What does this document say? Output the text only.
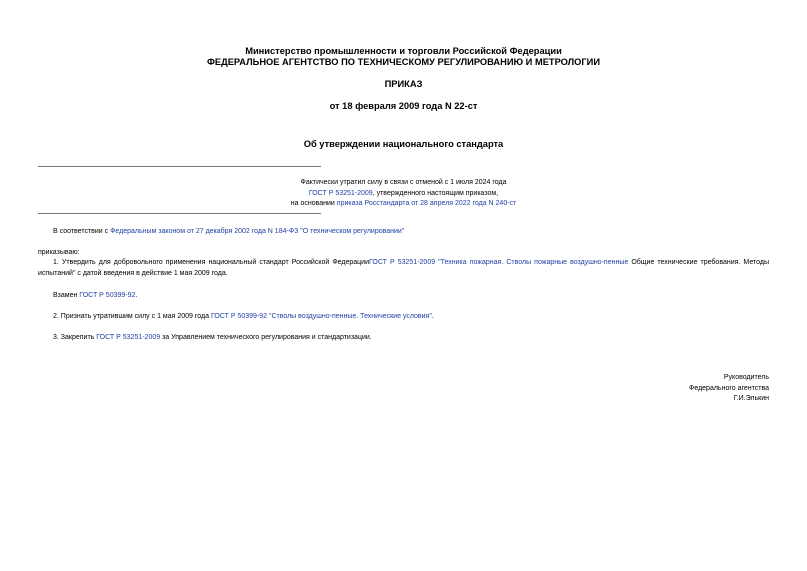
Министерство промышленности и торговли Российской Федерации
ФЕДЕРАЛЬНОЕ АГЕНТСТВО ПО ТЕХНИЧЕСКОМУ РЕГУЛИРОВАНИЮ И МЕТРОЛОГИИ
ПРИКАЗ
от 18 февраля 2009 года N 22-ст
Об утверждении национального стандарта
Фактически утратил силу в связи с отменой с 1 июля 2024 года
ГОСТ Р 53251-2009, утвержденного настоящим приказом,
на основании приказа Росстандарта от 28 апреля 2022 года N 240-ст
В соответствии с Федеральным законом от 27 декабря 2002 года N 184-ФЗ "О техническом регулировании"
приказываю:
1. Утвердить для добровольного применения национальный стандарт Российской ФедерацииГОСТ Р 53251-2009 "Техника пожарная. Стволы пожарные воздушно-пенные Общие технические требования. Методы испытаний" с датой введения в действие 1 мая 2009 года.
Взамен ГОСТ Р 50399-92.
2. Признать утратившим силу с 1 мая 2009 года ГОСТ Р 50399-92 "Стволы воздушно-пенные. Технические условия".
3. Закрепить ГОСТ Р 53251-2009 за Управлением технического регулирования и стандартизации.
Руководитель
Федерального агентства
Г.И.Элькин
